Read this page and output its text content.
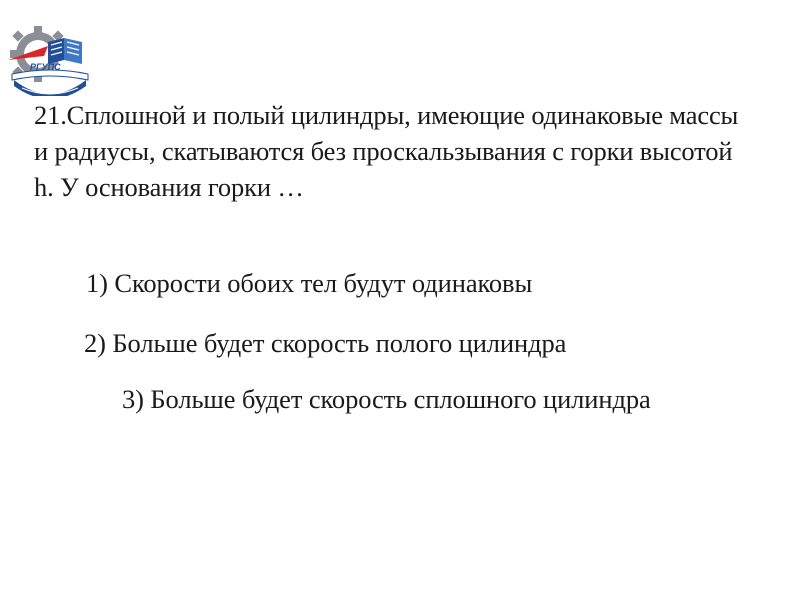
РГУПС

21.Сплошной и полый цилиндры, имеющие одинаковые массы и радиусы, скатываются без проскальзывания с горки высотой h. У основания горки …

1) Скорости обоих тел будут одинаковы

2) Больше будет скорость полого цилиндра

3) Больше будет скорость сплошного цилиндра
